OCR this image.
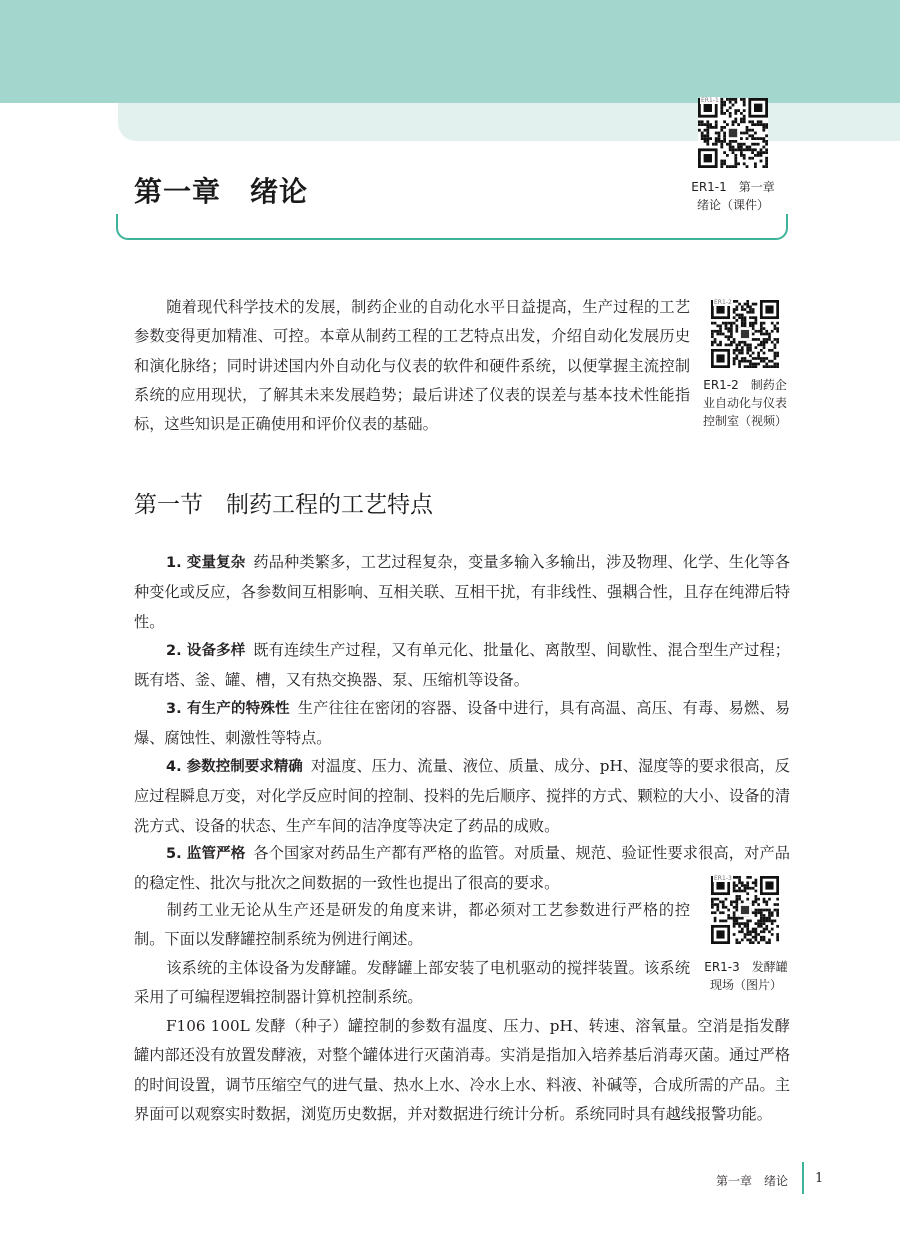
第一章　绪论
ER1-1
ER1-1　第一章
绪论（课件）
随着现代科学技术的发展，制药企业的自动化水平日益提高，生产过程的工艺参数变得更加精准、可控。本章从制药工程的工艺特点出发，介绍自动化发展历史和演化脉络；同时讲述国内外自动化与仪表的软件和硬件系统，以便掌握主流控制系统的应用现状，了解其未来发展趋势；最后讲述了仪表的误差与基本技术性能指标，这些知识是正确使用和评价仪表的基础。
ER1-2
ER1-2　制药企
业自动化与仪表
控制室（视频）
第一节　制药工程的工艺特点
1. 变量复杂 药品种类繁多，工艺过程复杂，变量多输入多输出，涉及物理、化学、生化等各种变化或反应，各参数间互相影响、互相关联、互相干扰，有非线性、强耦合性，且存在纯滞后特性。
2. 设备多样 既有连续生产过程，又有单元化、批量化、离散型、间歇性、混合型生产过程；既有塔、釜、罐、槽，又有热交换器、泵、压缩机等设备。
3. 有生产的特殊性 生产往往在密闭的容器、设备中进行，具有高温、高压、有毒、易燃、易爆、腐蚀性、刺激性等特点。
4. 参数控制要求精确 对温度、压力、流量、液位、质量、成分、pH、湿度等的要求很高，反应过程瞬息万变，对化学反应时间的控制、投料的先后顺序、搅拌的方式、颗粒的大小、设备的清洗方式、设备的状态、生产车间的洁净度等决定了药品的成败。
5. 监管严格 各个国家对药品生产都有严格的监管。对质量、规范、验证性要求很高，对产品的稳定性、批次与批次之间数据的一致性也提出了很高的要求。
制药工业无论从生产还是研发的角度来讲，都必须对工艺参数进行严格的控制。下面以发酵罐控制系统为例进行阐述。
该系统的主体设备为发酵罐。发酵罐上部安装了电机驱动的搅拌装置。该系统采用了可编程逻辑控制器计算机控制系统。
F106 100L 发酵（种子）罐控制的参数有温度、压力、pH、转速、溶氧量。空消是指发酵罐内部还没有放置发酵液，对整个罐体进行灭菌消毒。实消是指加入培养基后消毒灭菌。通过严格的时间设置，调节压缩空气的进气量、热水上水、冷水上水、料液、补碱等，合成所需的产品。主界面可以观察实时数据，浏览历史数据，并对数据进行统计分析。系统同时具有越线报警功能。
ER1-3
ER1-3　发酵罐
现场（图片）
第一章　绪论 1
